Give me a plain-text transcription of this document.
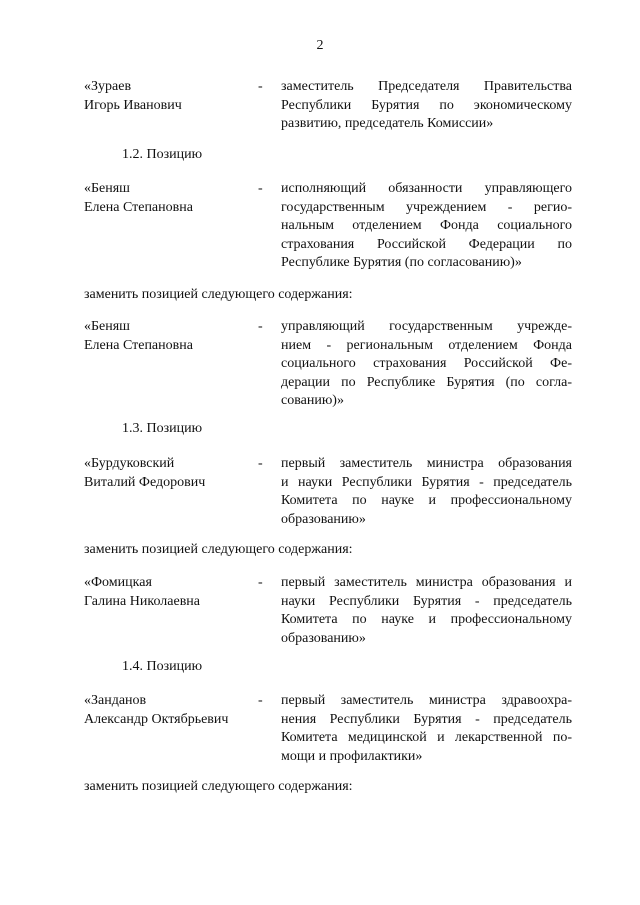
2
«Зураев
Игорь Иванович
- заместитель Председателя Правительства
Республики Бурятия по экономическому
развитию, председатель Комиссии»
1.2. Позицию
«Беняш
Елена Степановна
- исполняющий обязанности управляющего
государственным учреждением - регио-
нальным отделением Фонда социального
страхования Российской Федерации по
Республике Бурятия (по согласованию)»
заменить позицией следующего содержания:
«Беняш
Елена Степановна
- управляющий государственным учрежде-
нием - региональным отделением Фонда
социального страхования Российской Фе-
дерации по Республике Бурятия (по согла-
сованию)»
1.3. Позицию
«Бурдуковский
Виталий Федорович
- первый заместитель министра образования
и науки Республики Бурятия - председатель
Комитета по науке и профессиональному
образованию»
заменить позицией следующего содержания:
«Фомицкая
Галина Николаевна
- первый заместитель министра образования и
науки Республики Бурятия - председатель
Комитета по науке и профессиональному
образованию»
1.4. Позицию
«Занданов
Александр Октябрьевич
- первый заместитель министра здравоохра-
нения Республики Бурятия - председатель
Комитета медицинской и лекарственной по-
мощи и профилактики»
заменить позицией следующего содержания:
